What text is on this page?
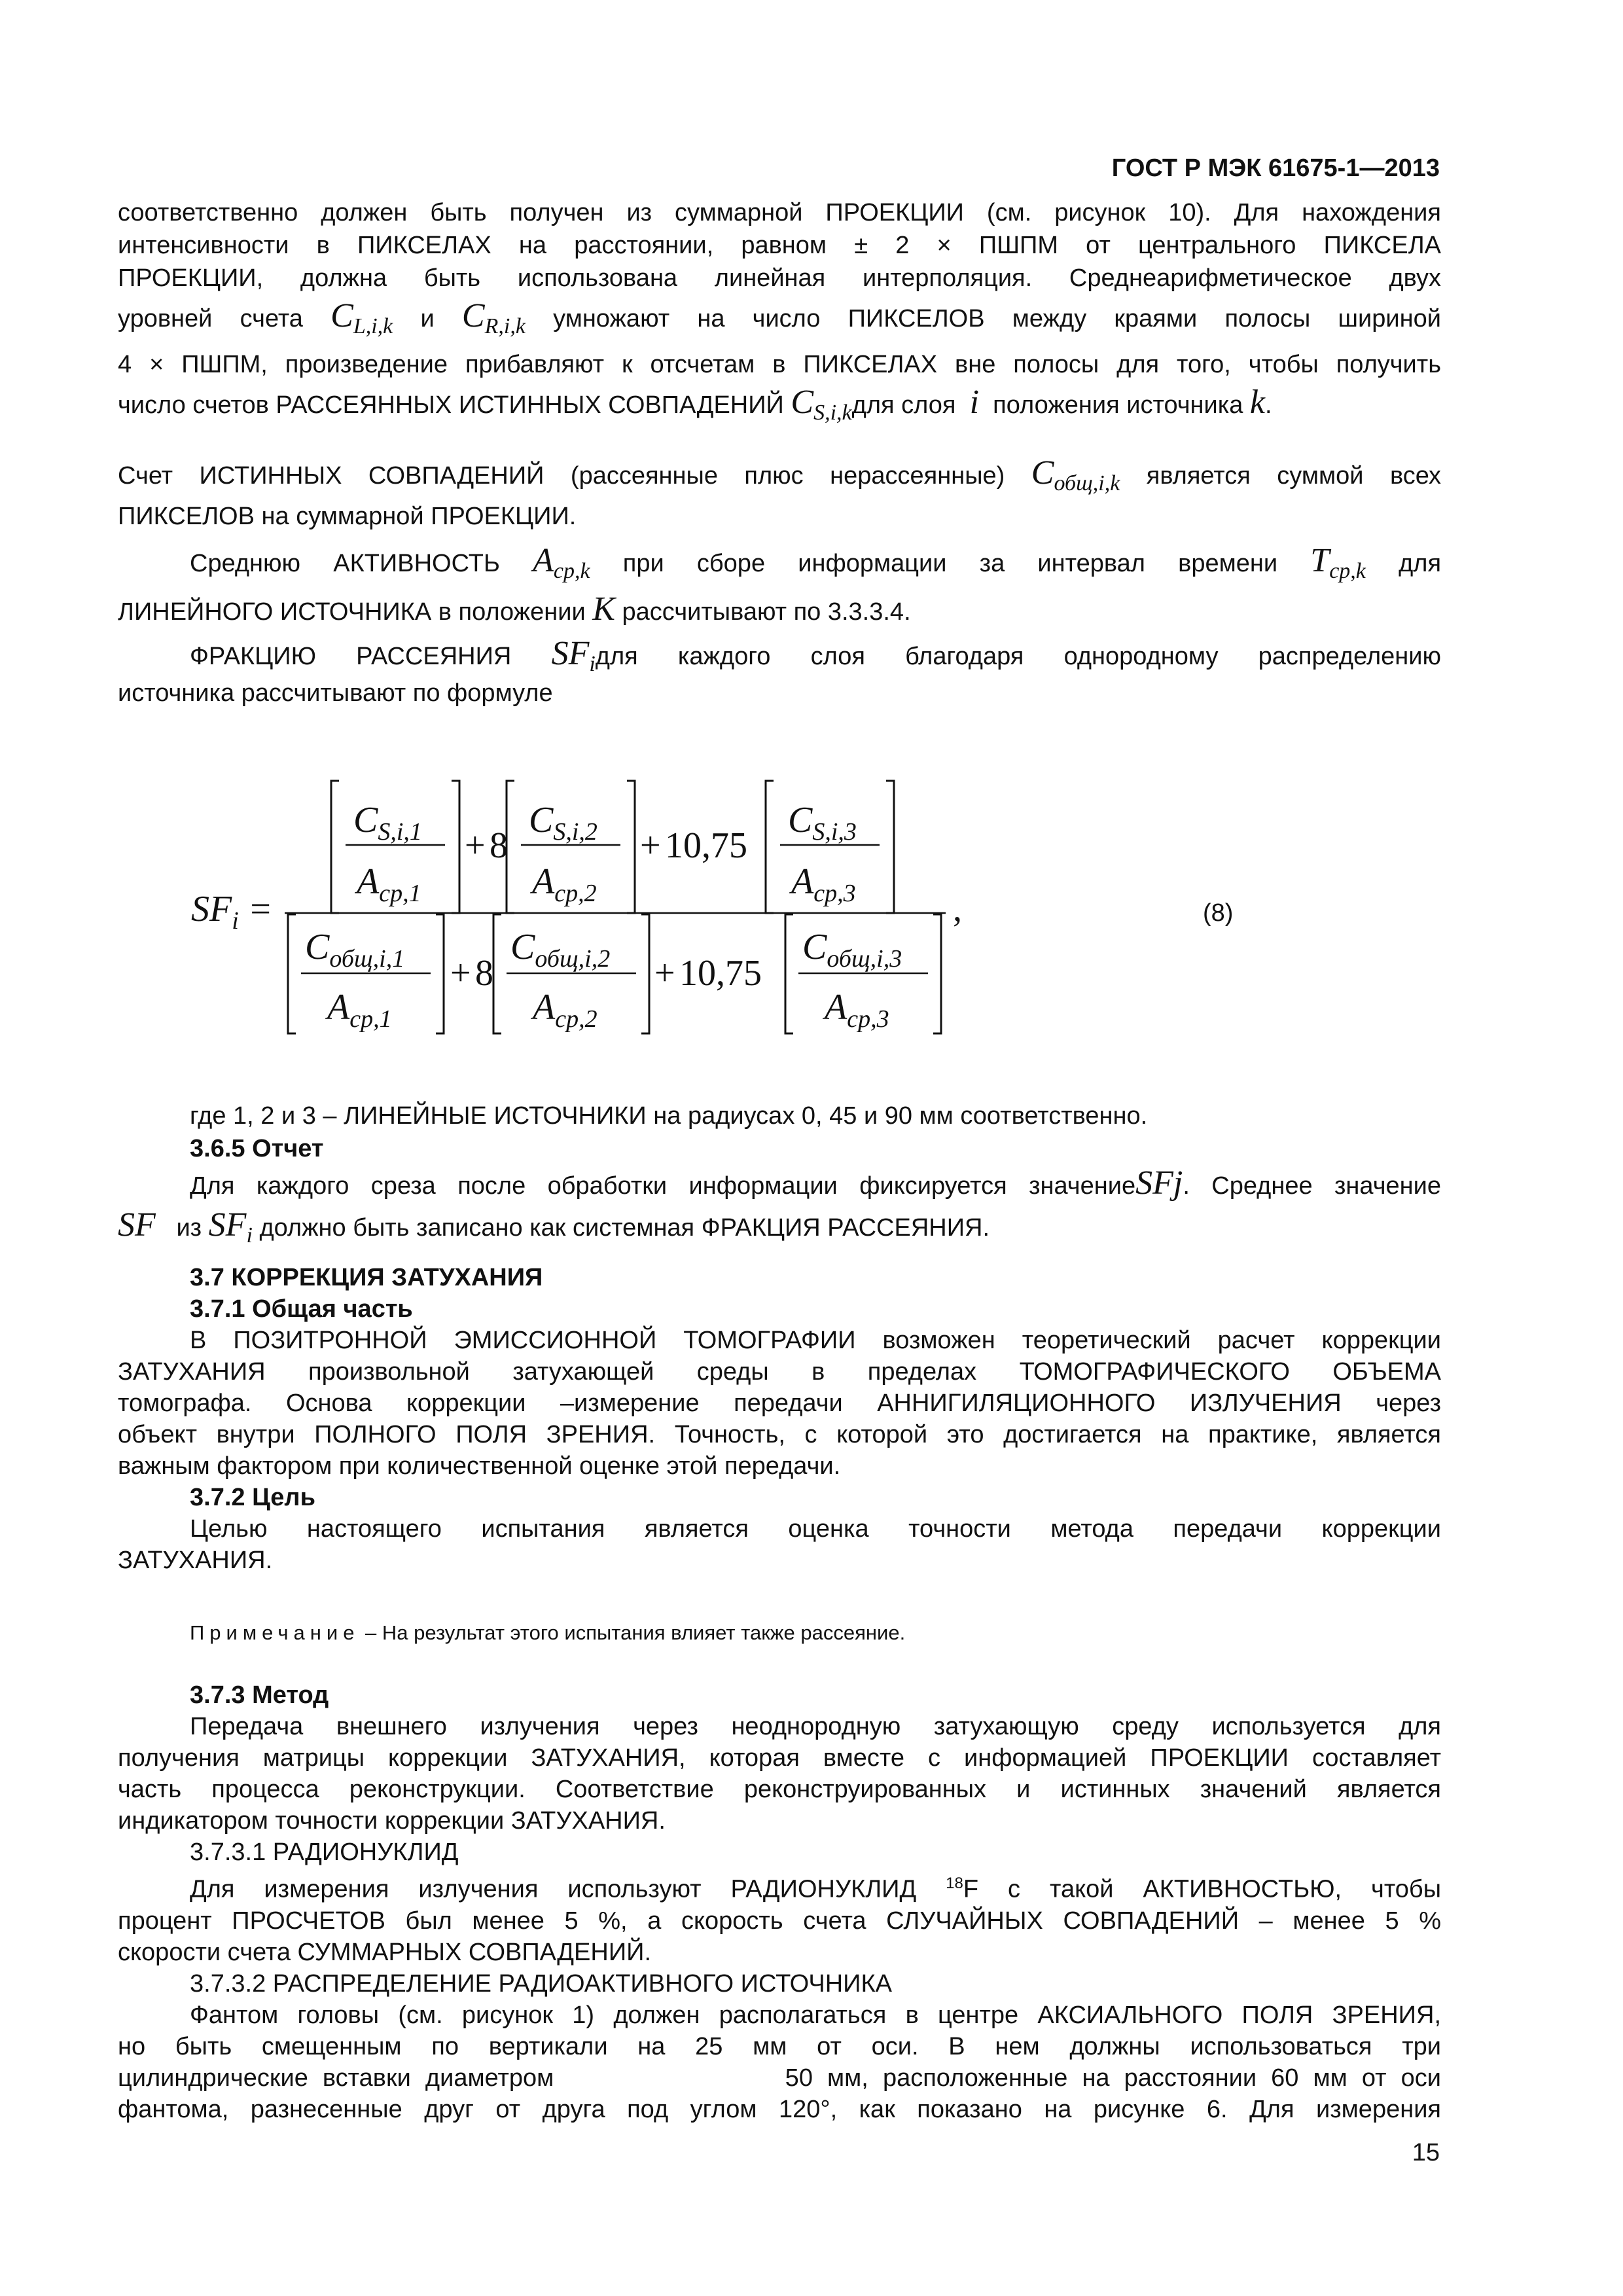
ГОСТ Р МЭК 61675-1—2013
соответственно должен быть получен из суммарной ПРОЕКЦИИ (см. рисунок 10). Для нахождения
интенсивности в ПИКСЕЛАХ на расстоянии, равном ± 2 × ПШПМ от центрального ПИКСЕЛА
ПРОЕКЦИИ, должна быть использована линейная интерполяция. Среднеарифметическое двух
уровней счета $C_{L,i,k}$ и $C_{R,i,k}$ умножают на число ПИКСЕЛОВ между краями полосы шириной
4 × ПШПМ, произведение прибавляют к отсчетам в ПИКСЕЛАХ вне полосы для того, чтобы получить
число счетов РАССЕЯННЫХ ИСТИННЫХ СОВПАДЕНИЙ $C_{S,i,k}для$ слоя i положения источника k.
Счет ИСТИННЫХ СОВПАДЕНИЙ (рассеянные плюс нерассеянные) $C_{общ,i,k}$ является суммой всех
ПИКСЕЛОВ на суммарной ПРОЕКЦИИ.
Среднюю АКТИВНОСТЬ $A_{ср,k}$ при сборе информации за интервал времени $T_{ср,k}$ для
ЛИНЕЙНОГО ИСТОЧНИКА в положении K рассчитывают по 3.3.3.4.
ФРАКЦИЮ РАССЕЯНИЯ $SF_iдля$ каждого слоя благодаря однородному распределению
источника рассчитывают по формуле
$C_{S,i,1}$
$A_{ср,1}$
+ 8
$C_{S,i,2}$
$A_{ср,2}$
+ 10,75
$C_{S,i,3}$
$A_{ср,3}$
$SF_i$ =
$C_{общ,i,1}$
$A_{ср,1}$
+ 8
$C_{общ,i,2}$
$A_{ср,2}$
+ 10,75
$C_{общ,i,3}$
$A_{ср,3}$
,	(8)
где 1, 2 и 3 – ЛИНЕЙНЫЕ ИСТОЧНИКИ на радиусах 0, 45 и 90 мм соответственно.
3.6.5 Отчет
Для каждого среза после обработки информации фиксируется значениеSFj. Среднее значение
SF из $SF_i$ должно быть записано как системная ФРАКЦИЯ РАССЕЯНИЯ.
3.7 КОРРЕКЦИЯ ЗАТУХАНИЯ
3.7.1 Общая часть
В ПОЗИТРОННОЙ ЭМИССИОННОЙ ТОМОГРАФИИ возможен теоретический расчет коррекции
ЗАТУХАНИЯ произвольной затухающей среды в пределах ТОМОГРАФИЧЕСКОГО ОБЪЕМА
томографа. Основа коррекции –измерение передачи АННИГИЛЯЦИОННОГО ИЗЛУЧЕНИЯ через
объект внутри ПОЛНОГО ПОЛЯ ЗРЕНИЯ. Точность, с которой это достигается на практике, является
важным фактором при количественной оценке этой передачи.
3.7.2 Цель
Целью настоящего испытания является оценка точности метода передачи коррекции
ЗАТУХАНИЯ.
Примечание – На результат этого испытания влияет также рассеяние.
3.7.3 Метод
Передача внешнего излучения через неоднородную затухающую среду используется для
получения матрицы коррекции ЗАТУХАНИЯ, которая вместе с информацией ПРОЕКЦИИ составляет
часть процесса реконструкции. Соответствие реконструированных и истинных значений является
индикатором точности коррекции ЗАТУХАНИЯ.
3.7.3.1 РАДИОНУКЛИД
Для измерения излучения используют РАДИОНУКЛИД $^{18}$F с такой АКТИВНОСТЬЮ, чтобы
процент ПРОСЧЕТОВ был менее 5 %, а скорость счета СЛУЧАЙНЫХ СОВПАДЕНИЙ – менее 5 %
скорости счета СУММАРНЫХ СОВПАДЕНИЙ.
3.7.3.2 РАСПРЕДЕЛЕНИЕ РАДИОАКТИВНОГО ИСТОЧНИКА
Фантом головы (см. рисунок 1) должен располагаться в центре АКСИАЛЬНОГО ПОЛЯ ЗРЕНИЯ,
но быть смещенным по вертикали на 25 мм от оси. В нем должны использоваться три
цилиндрические вставки диаметром                50 мм, расположенные на расстоянии 60 мм от оси
фантома, разнесенные друг от друга под углом 120°, как показано на рисунке 6. Для измерения
15
